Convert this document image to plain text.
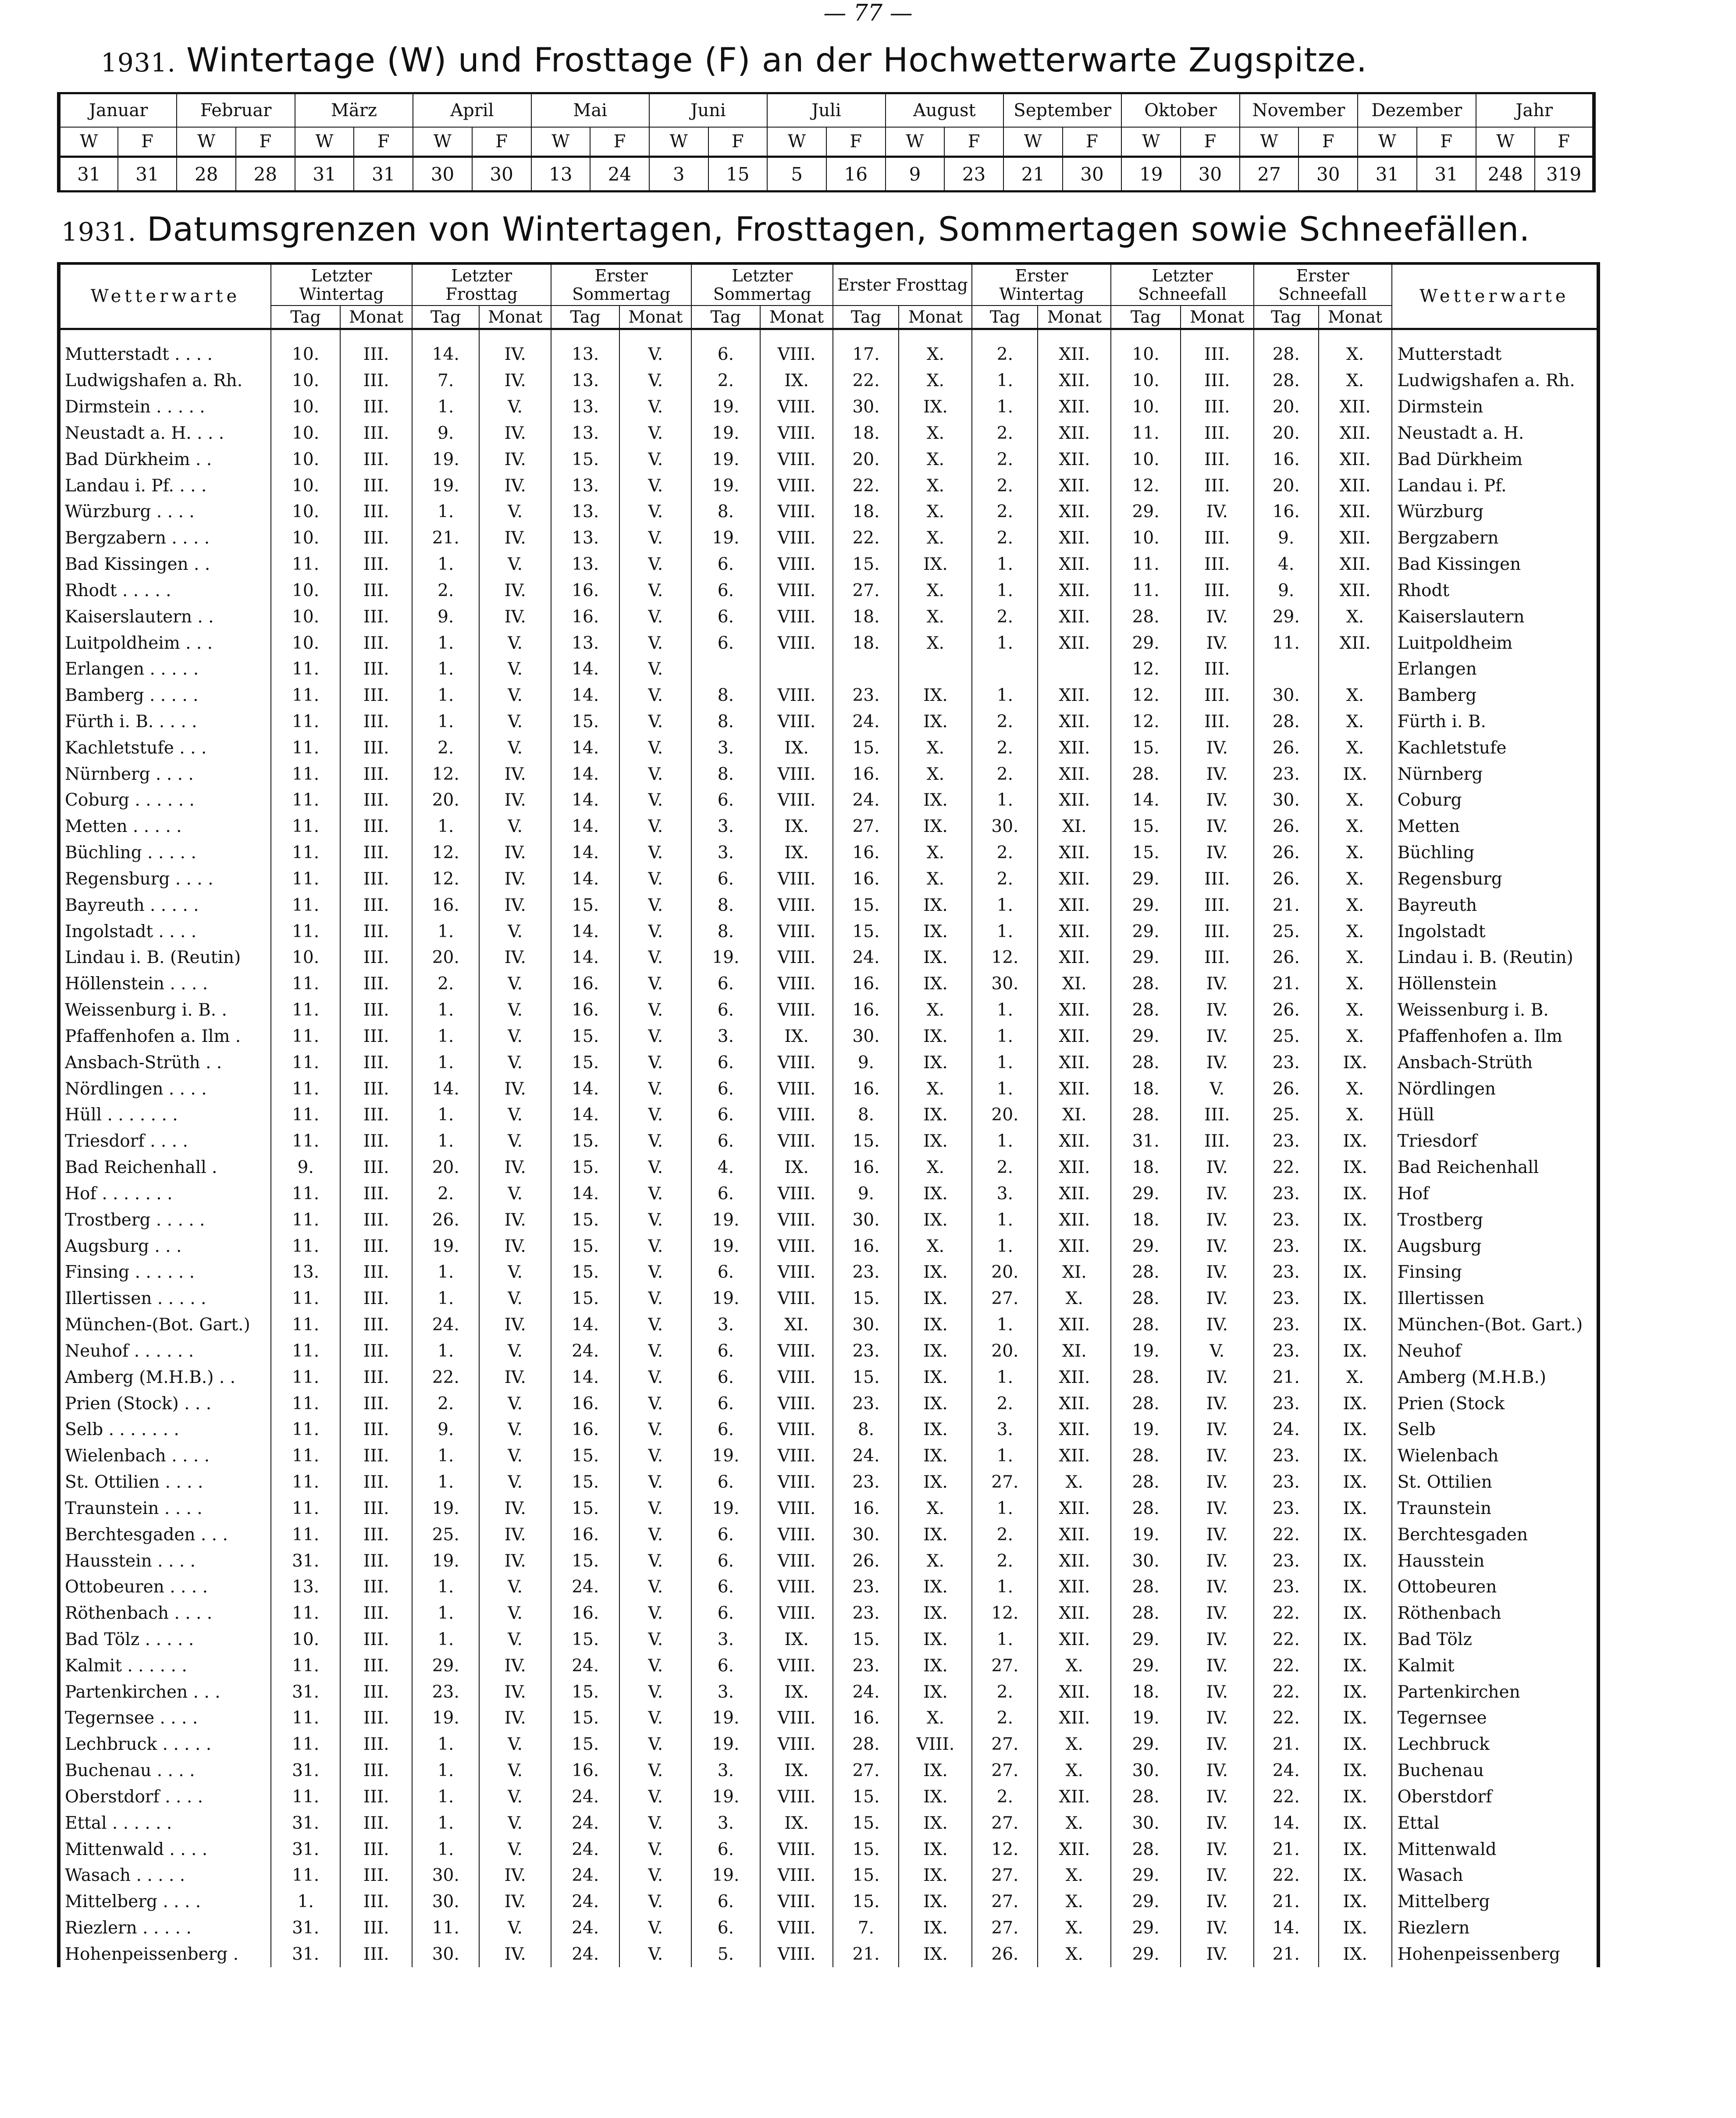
— 77 —
1931. Wintertage (W) und Frosttage (F) an der Hochwetterwarte Zugspitze.
Januar		Februar		März		April		Mai		Juni		Juli		August		September		Oktober		November		Dezember		Jahr	
W	F	W	F	W	F	W	F	W	F	W	F	W	F	W	F	W	F	W	F	W	F	W	F	W	F
31	31	28	28	31	31	30	30	13	24	3	15	5	16	9	23	21	30	19	30	27	30	31	31	248	319
1931. Datumsgrenzen von Wintertagen, Frosttagen, Sommertagen sowie Schneefällen.
Wetterwarte	Letzter Wintertag		Letzter Frosttag		Erster Sommertag		Letzter Sommertag		Erster Frosttag		Erster Wintertag		Letzter Schneefall		Erster Schneefall		Wetterwarte
	Tag	Monat	Tag	Monat	Tag	Monat	Tag	Monat	Tag	Monat	Tag	Monat	Tag	Monat	Tag	Monat	
Mutterstadt . . . .	10.	III.	14.	IV.	13.	V.	6.	VIII.	17.	X.	2.	XII.	10.	III.	28.	X.	Mutterstadt
Ludwigshafen a. Rh.	10.	III.	7.	IV.	13.	V.	2.	IX.	22.	X.	1.	XII.	10.	III.	28.	X.	Ludwigshafen a. Rh.
Dirmstein . . . . .	10.	III.	1.	V.	13.	V.	19.	VIII.	30.	IX.	1.	XII.	10.	III.	20.	XII.	Dirmstein
Neustadt a. H. . . .	10.	III.	9.	IV.	13.	V.	19.	VIII.	18.	X.	2.	XII.	11.	III.	20.	XII.	Neustadt a. H.
Bad Dürkheim . .	10.	III.	19.	IV.	15.	V.	19.	VIII.	20.	X.	2.	XII.	10.	III.	16.	XII.	Bad Dürkheim
Landau i. Pf. . . .	10.	III.	19.	IV.	13.	V.	19.	VIII.	22.	X.	2.	XII.	12.	III.	20.	XII.	Landau i. Pf.
Würzburg . . . .	10.	III.	1.	V.	13.	V.	8.	VIII.	18.	X.	2.	XII.	29.	IV.	16.	XII.	Würzburg
Bergzabern . . . .	10.	III.	21.	IV.	13.	V.	19.	VIII.	22.	X.	2.	XII.	10.	III.	9.	XII.	Bergzabern
Bad Kissingen . .	11.	III.	1.	V.	13.	V.	6.	VIII.	15.	IX.	1.	XII.	11.	III.	4.	XII.	Bad Kissingen
Rhodt . . . . .	10.	III.	2.	IV.	16.	V.	6.	VIII.	27.	X.	1.	XII.	11.	III.	9.	XII.	Rhodt
Kaiserslautern . .	10.	III.	9.	IV.	16.	V.	6.	VIII.	18.	X.	2.	XII.	28.	IV.	29.	X.	Kaiserslautern
Luitpoldheim . . .	10.	III.	1.	V.	13.	V.	6.	VIII.	18.	X.	1.	XII.	29.	IV.	11.	XII.	Luitpoldheim
Erlangen . . . . .	11.	III.	1.	V.	14.	V.							12.	III.			Erlangen
Bamberg . . . . .	11.	III.	1.	V.	14.	V.	8.	VIII.	23.	IX.	1.	XII.	12.	III.	30.	X.	Bamberg
Fürth i. B. . . . .	11.	III.	1.	V.	15.	V.	8.	VIII.	24.	IX.	2.	XII.	12.	III.	28.	X.	Fürth i. B.
Kachletstufe . . .	11.	III.	2.	V.	14.	V.	3.	IX.	15.	X.	2.	XII.	15.	IV.	26.	X.	Kachletstufe
Nürnberg . . . .	11.	III.	12.	IV.	14.	V.	8.	VIII.	16.	X.	2.	XII.	28.	IV.	23.	IX.	Nürnberg
Coburg . . . . . .	11.	III.	20.	IV.	14.	V.	6.	VIII.	24.	IX.	1.	XII.	14.	IV.	30.	X.	Coburg
Metten . . . . .	11.	III.	1.	V.	14.	V.	3.	IX.	27.	IX.	30.	XI.	15.	IV.	26.	X.	Metten
Büchling . . . . .	11.	III.	12.	IV.	14.	V.	3.	IX.	16.	X.	2.	XII.	15.	IV.	26.	X.	Büchling
Regensburg . . . .	11.	III.	12.	IV.	14.	V.	6.	VIII.	16.	X.	2.	XII.	29.	III.	26.	X.	Regensburg
Bayreuth . . . . .	11.	III.	16.	IV.	15.	V.	8.	VIII.	15.	IX.	1.	XII.	29.	III.	21.	X.	Bayreuth
Ingolstadt . . . .	11.	III.	1.	V.	14.	V.	8.	VIII.	15.	IX.	1.	XII.	29.	III.	25.	X.	Ingolstadt
Lindau i. B. (Reutin)	10.	III.	20.	IV.	14.	V.	19.	VIII.	24.	IX.	12.	XII.	29.	III.	26.	X.	Lindau i. B. (Reutin)
Höllenstein . . . .	11.	III.	2.	V.	16.	V.	6.	VIII.	16.	IX.	30.	XI.	28.	IV.	21.	X.	Höllenstein
Weissenburg i. B. .	11.	III.	1.	V.	16.	V.	6.	VIII.	16.	X.	1.	XII.	28.	IV.	26.	X.	Weissenburg i. B.
Pfaffenhofen a. Ilm .	11.	III.	1.	V.	15.	V.	3.	IX.	30.	IX.	1.	XII.	29.	IV.	25.	X.	Pfaffenhofen a. Ilm
Ansbach-Strüth . .	11.	III.	1.	V.	15.	V.	6.	VIII.	9.	IX.	1.	XII.	28.	IV.	23.	IX.	Ansbach-Strüth
Nördlingen . . . .	11.	III.	14.	IV.	14.	V.	6.	VIII.	16.	X.	1.	XII.	18.	V.	26.	X.	Nördlingen
Hüll . . . . . . .	11.	III.	1.	V.	14.	V.	6.	VIII.	8.	IX.	20.	XI.	28.	III.	25.	X.	Hüll
Triesdorf . . . .	11.	III.	1.	V.	15.	V.	6.	VIII.	15.	IX.	1.	XII.	31.	III.	23.	IX.	Triesdorf
Bad Reichenhall .	9.	III.	20.	IV.	15.	V.	4.	IX.	16.	X.	2.	XII.	18.	IV.	22.	IX.	Bad Reichenhall
Hof . . . . . . .	11.	III.	2.	V.	14.	V.	6.	VIII.	9.	IX.	3.	XII.	29.	IV.	23.	IX.	Hof
Trostberg . . . . .	11.	III.	26.	IV.	15.	V.	19.	VIII.	30.	IX.	1.	XII.	18.	IV.	23.	IX.	Trostberg
Augsburg . . .	11.	III.	19.	IV.	15.	V.	19.	VIII.	16.	X.	1.	XII.	29.	IV.	23.	IX.	Augsburg
Finsing . . . . . .	13.	III.	1.	V.	15.	V.	6.	VIII.	23.	IX.	20.	XI.	28.	IV.	23.	IX.	Finsing
Illertissen . . . . .	11.	III.	1.	V.	15.	V.	19.	VIII.	15.	IX.	27.	X.	28.	IV.	23.	IX.	Illertissen
München-(Bot. Gart.)	11.	III.	24.	IV.	14.	V.	3.	XI.	30.	IX.	1.	XII.	28.	IV.	23.	IX.	München-(Bot. Gart.)
Neuhof . . . . . .	11.	III.	1.	V.	24.	V.	6.	VIII.	23.	IX.	20.	XI.	19.	V.	23.	IX.	Neuhof
Amberg (M.H.B.) . .	11.	III.	22.	IV.	14.	V.	6.	VIII.	15.	IX.	1.	XII.	28.	IV.	21.	X.	Amberg (M.H.B.)
Prien (Stock) . . .	11.	III.	2.	V.	16.	V.	6.	VIII.	23.	IX.	2.	XII.	28.	IV.	23.	IX.	Prien (Stock
Selb . . . . . . .	11.	III.	9.	V.	16.	V.	6.	VIII.	8.	IX.	3.	XII.	19.	IV.	24.	IX.	Selb
Wielenbach . . . .	11.	III.	1.	V.	15.	V.	19.	VIII.	24.	IX.	1.	XII.	28.	IV.	23.	IX.	Wielenbach
St. Ottilien . . . .	11.	III.	1.	V.	15.	V.	6.	VIII.	23.	IX.	27.	X.	28.	IV.	23.	IX.	St. Ottilien
Traunstein . . . .	11.	III.	19.	IV.	15.	V.	19.	VIII.	16.	X.	1.	XII.	28.	IV.	23.	IX.	Traunstein
Berchtesgaden . . .	11.	III.	25.	IV.	16.	V.	6.	VIII.	30.	IX.	2.	XII.	19.	IV.	22.	IX.	Berchtesgaden
Hausstein . . . .	31.	III.	19.	IV.	15.	V.	6.	VIII.	26.	X.	2.	XII.	30.	IV.	23.	IX.	Hausstein
Ottobeuren . . . .	13.	III.	1.	V.	24.	V.	6.	VIII.	23.	IX.	1.	XII.	28.	IV.	23.	IX.	Ottobeuren
Röthenbach . . . .	11.	III.	1.	V.	16.	V.	6.	VIII.	23.	IX.	12.	XII.	28.	IV.	22.	IX.	Röthenbach
Bad Tölz . . . . .	10.	III.	1.	V.	15.	V.	3.	IX.	15.	IX.	1.	XII.	29.	IV.	22.	IX.	Bad Tölz
Kalmit . . . . . .	11.	III.	29.	IV.	24.	V.	6.	VIII.	23.	IX.	27.	X.	29.	IV.	22.	IX.	Kalmit
Partenkirchen . . .	31.	III.	23.	IV.	15.	V.	3.	IX.	24.	IX.	2.	XII.	18.	IV.	22.	IX.	Partenkirchen
Tegernsee . . . .	11.	III.	19.	IV.	15.	V.	19.	VIII.	16.	X.	2.	XII.	19.	IV.	22.	IX.	Tegernsee
Lechbruck . . . . .	11.	III.	1.	V.	15.	V.	19.	VIII.	28.	VIII.	27.	X.	29.	IV.	21.	IX.	Lechbruck
Buchenau . . . .	31.	III.	1.	V.	16.	V.	3.	IX.	27.	IX.	27.	X.	30.	IV.	24.	IX.	Buchenau
Oberstdorf . . . .	11.	III.	1.	V.	24.	V.	19.	VIII.	15.	IX.	2.	XII.	28.	IV.	22.	IX.	Oberstdorf
Ettal . . . . . .	31.	III.	1.	V.	24.	V.	3.	IX.	15.	IX.	27.	X.	30.	IV.	14.	IX.	Ettal
Mittenwald . . . .	31.	III.	1.	V.	24.	V.	6.	VIII.	15.	IX.	12.	XII.	28.	IV.	21.	IX.	Mittenwald
Wasach . . . . .	11.	III.	30.	IV.	24.	V.	19.	VIII.	15.	IX.	27.	X.	29.	IV.	22.	IX.	Wasach
Mittelberg . . . .	1.	III.	30.	IV.	24.	V.	6.	VIII.	15.	IX.	27.	X.	29.	IV.	21.	IX.	Mittelberg
Riezlern . . . . .	31.	III.	11.	V.	24.	V.	6.	VIII.	7.	IX.	27.	X.	29.	IV.	14.	IX.	Riezlern
Hohenpeissenberg .	31.	III.	30.	IV.	24.	V.	5.	VIII.	21.	IX.	26.	X.	29.	IV.	21.	IX.	Hohenpeissenberg
